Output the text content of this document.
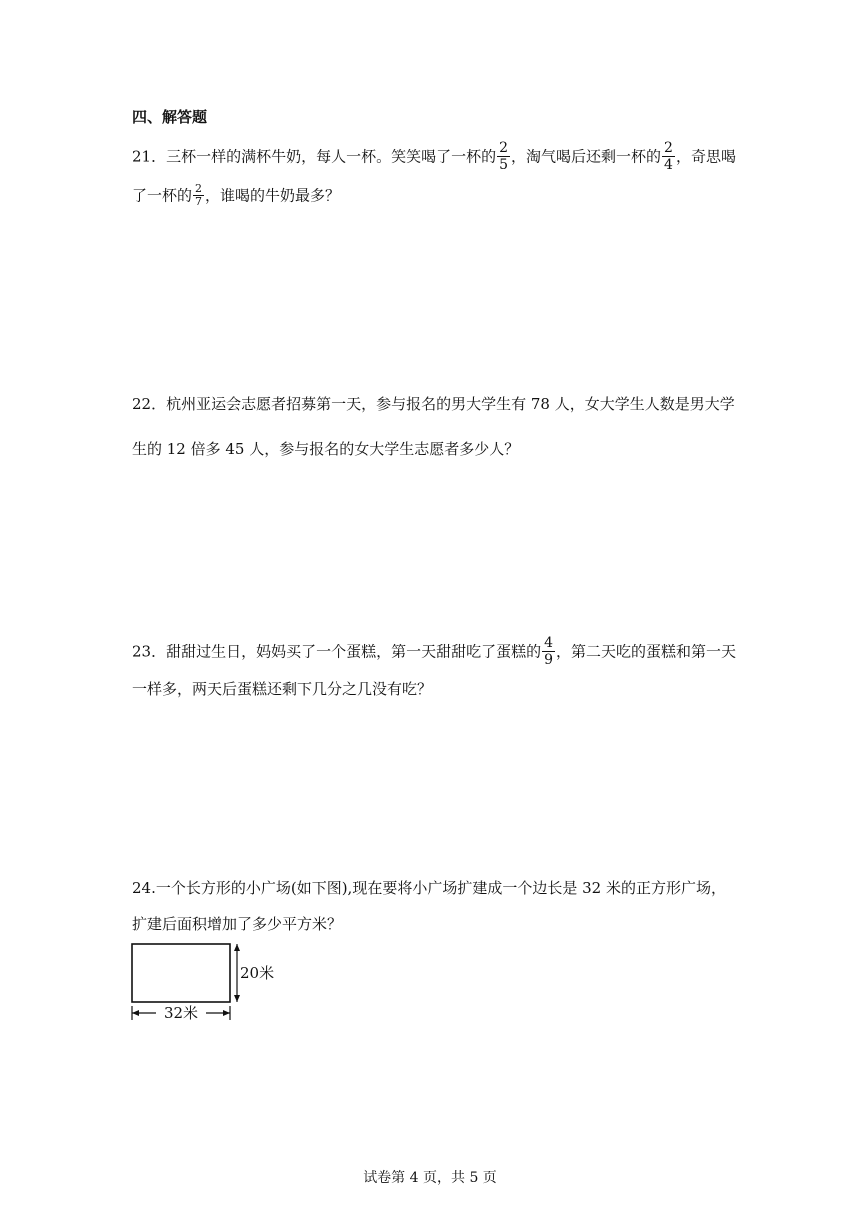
四、解答题
21．三杯一样的满杯牛奶，每人一杯。笑笑喝了一杯的 $\frac{2}{5}$ ，淘气喝后还剩一杯的 $\frac{2}{4}$ ，奇思喝
了一杯的 $\frac{2}{7}$ ，谁喝的牛奶最多？
22．杭州亚运会志愿者招募第一天，参与报名的男大学生有 78 人，女大学生人数是男大学
生的 12 倍多 45 人，参与报名的女大学生志愿者多少人？
23．甜甜过生日，妈妈买了一个蛋糕，第一天甜甜吃了蛋糕的 $\frac{4}{9}$ ，第二天吃的蛋糕和第一天
一样多，两天后蛋糕还剩下几分之几没有吃？
24.一个长方形的小广场(如下图),现在要将小广场扩建成一个边长是 32 米的正方形广场，
扩建后面积增加了多少平方米？
20米
32米
试卷第 4 页，共 5 页
